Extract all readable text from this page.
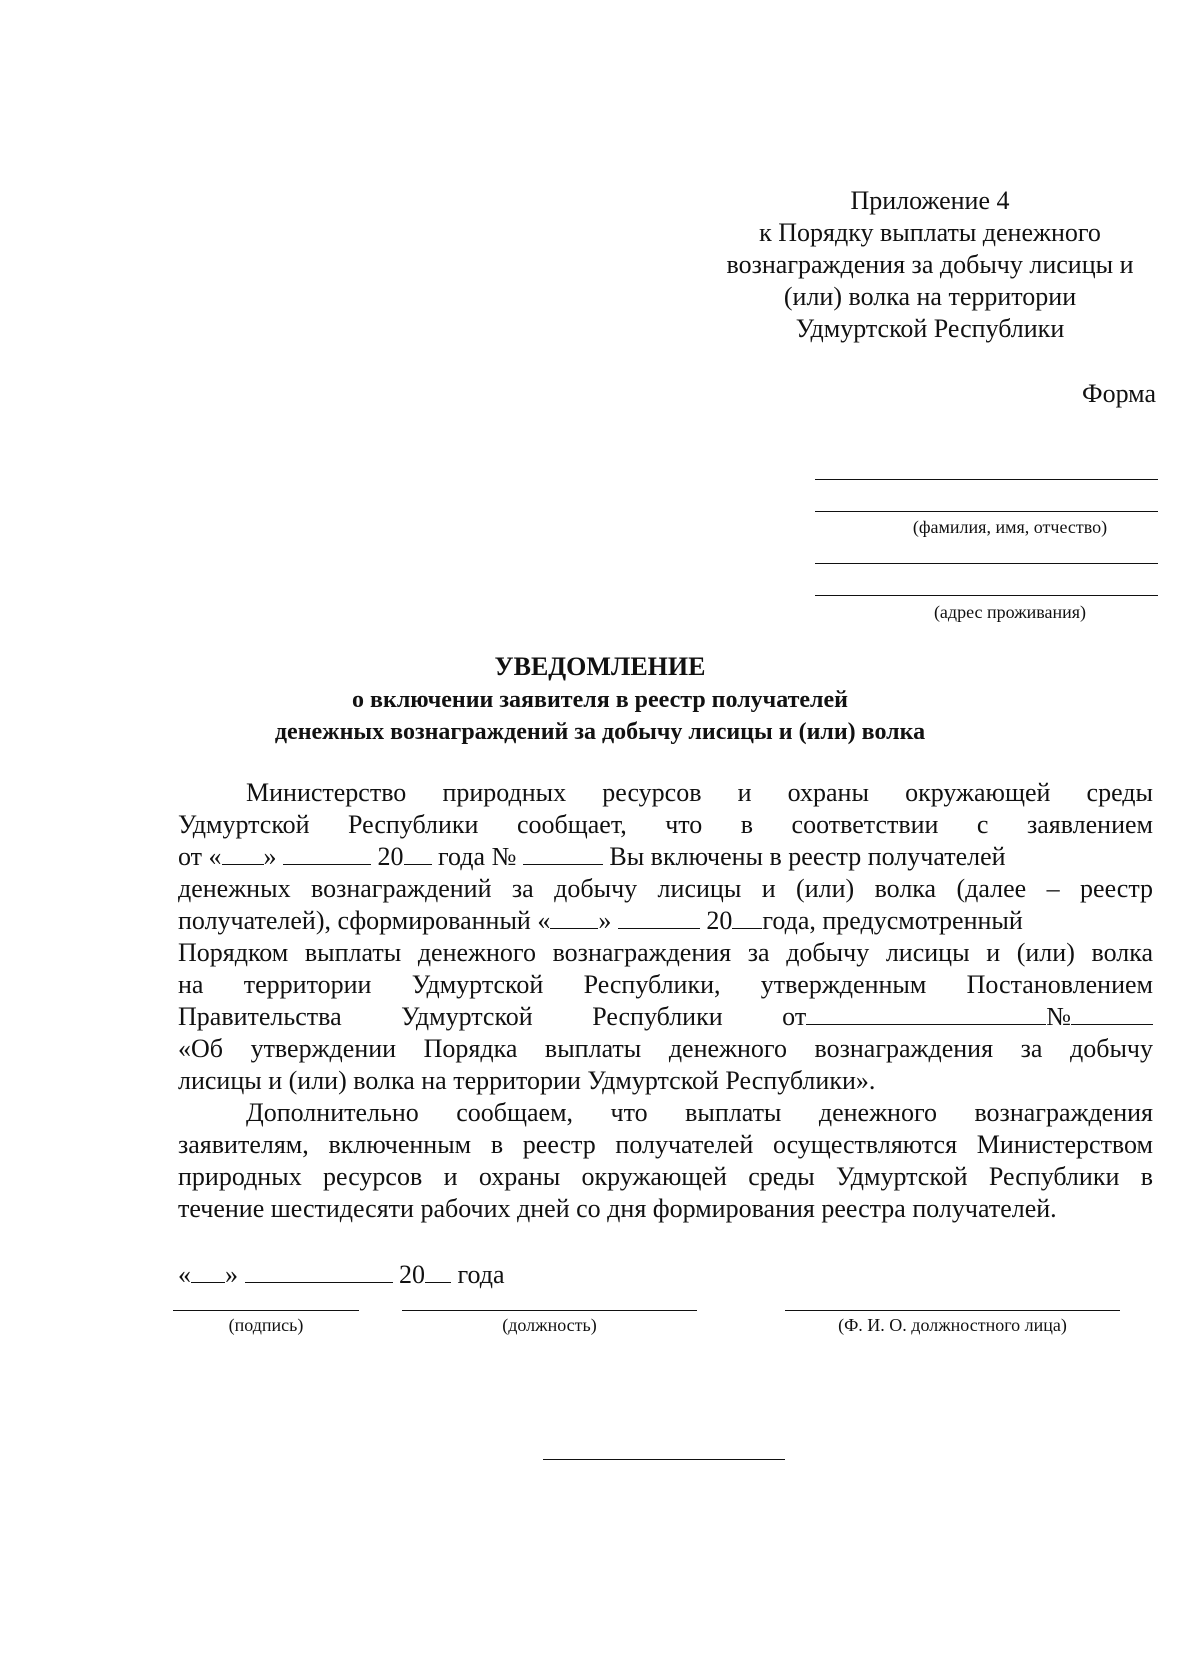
Приложение 4
к Порядку выплаты денежного
вознаграждения за добычу лисицы и
(или) волка на территории
Удмуртской Республики
Форма
(фамилия, имя, отчество)
(адрес проживания)
УВЕДОМЛЕНИЕ
о включении заявителя в реестр получателей
денежных вознаграждений за добычу лисицы и (или) волка
Министерство природных ресурсов и охраны окружающей среды
Удмуртской Республики сообщает, что в соответствии с заявлением
от « »	20 года №	Вы включены в реестр получателей
денежных вознаграждений за добычу лисицы и (или) волка (далее – реестр
получателей), сформированный « »	20 года, предусмотренный
Порядком выплаты денежного вознаграждения за добычу лисицы и (или) волка
на территории Удмуртской Республики, утвержденным Постановлением
Правительства Удмуртской Республики от	№
«Об утверждении Порядка выплаты денежного вознаграждения за добычу
лисицы и (или) волка на территории Удмуртской Республики».
Дополнительно сообщаем, что выплаты денежного вознаграждения
заявителям, включенным в реестр получателей осуществляются Министерством
природных ресурсов и охраны окружающей среды Удмуртской Республики в
течение шестидесяти рабочих дней со дня формирования реестра получателей.
« »	20 года
(подпись)	(должность)	(Ф. И. О. должностного лица)
